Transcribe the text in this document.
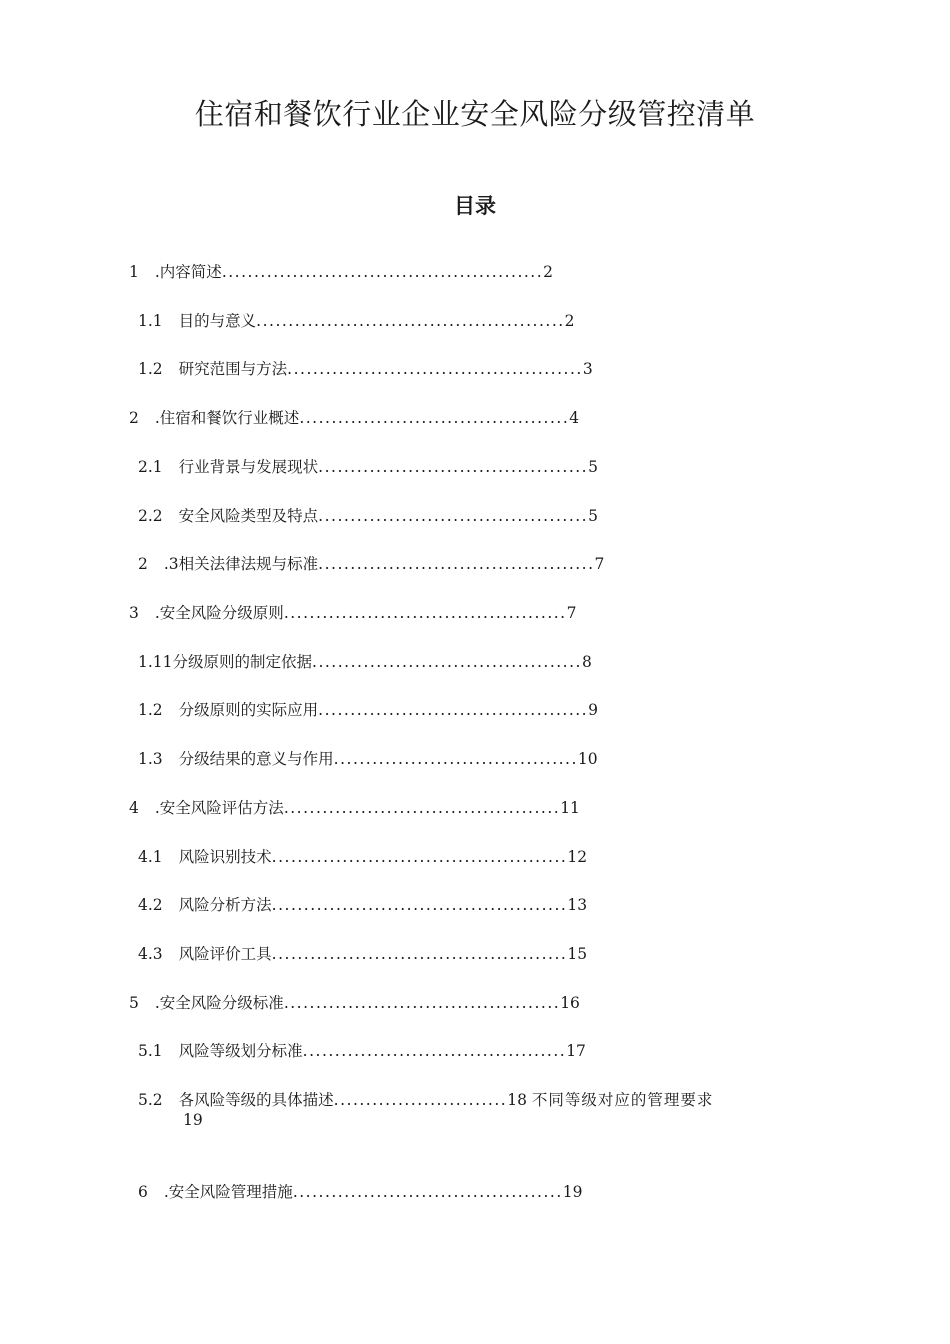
住宿和餐饮行业企业安全风险分级管控清单
目录
1 .内容简述..................................................2
1.1 目的与意义................................................2
1.2 研究范围与方法..............................................3
2 .住宿和餐饮行业概述..........................................4
2.1 行业背景与发展现状..........................................5
2.2 安全风险类型及特点..........................................5
2 .3相关法律法规与标准...........................................7
3 .安全风险分级原则............................................7
1.11分级原则的制定依据..........................................8
1.2 分级原则的实际应用..........................................9
1.3 分级结果的意义与作用......................................10
4 .安全风险评估方法...........................................11
4.1 风险识别技术..............................................12
4.2 风险分析方法..............................................13
4.3 风险评价工具..............................................15
5 .安全风险分级标准...........................................16
5.1 风险等级划分标准.........................................17
5.2 各风险等级的具体描述...........................18 不同等级对应的管理要求
19
6 .安全风险管理措施..........................................19
